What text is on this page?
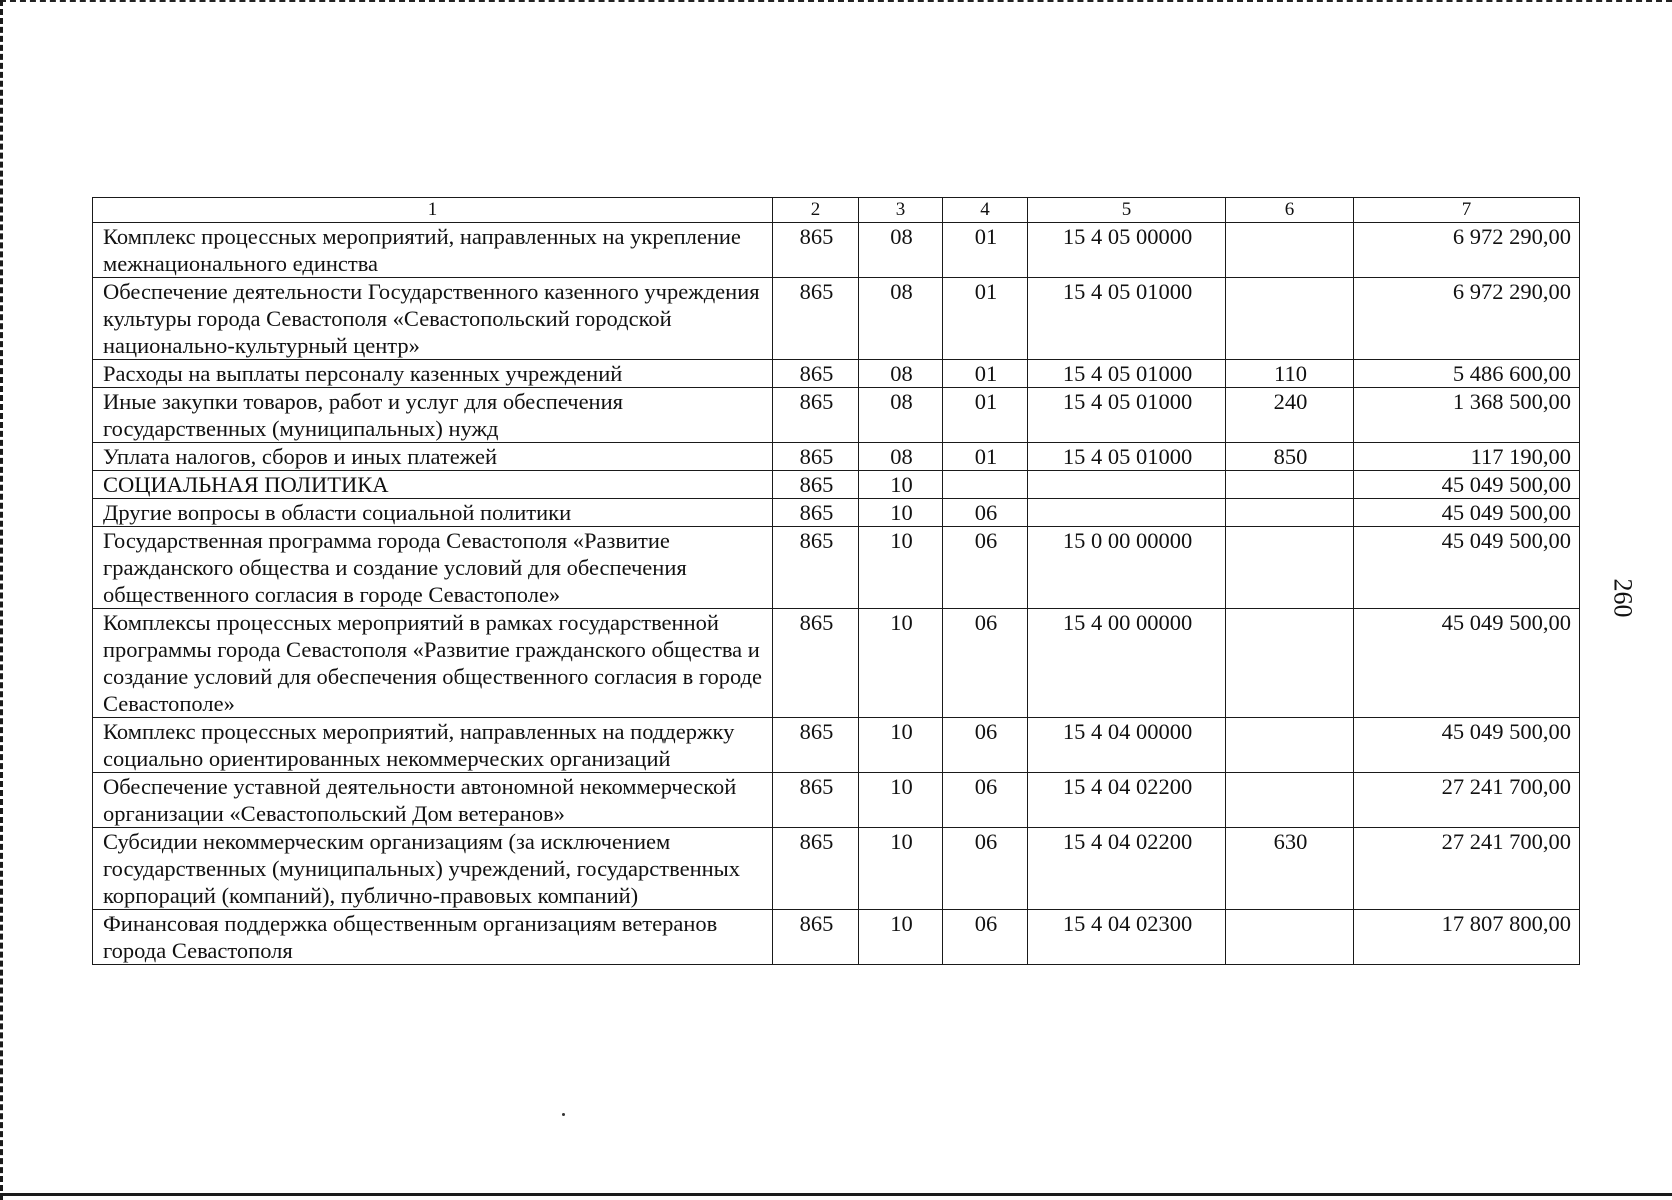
260
1	2	3	4	5	6	7
Комплекс процессных мероприятий, направленных на укрепление межнационального единства	865	08	01	15 4 05 00000		6 972 290,00
Обеспечение деятельности Государственного казенного учреждения культуры города Севастополя «Севастопольский городской национально-культурный центр»	865	08	01	15 4 05 01000		6 972 290,00
Расходы на выплаты персоналу казенных учреждений	865	08	01	15 4 05 01000	110	5 486 600,00
Иные закупки товаров, работ и услуг для обеспечения государственных (муниципальных) нужд	865	08	01	15 4 05 01000	240	1 368 500,00
Уплата налогов, сборов и иных платежей	865	08	01	15 4 05 01000	850	117 190,00
СОЦИАЛЬНАЯ ПОЛИТИКА	865	10				45 049 500,00
Другие вопросы в области социальной политики	865	10	06			45 049 500,00
Государственная программа города Севастополя «Развитие гражданского общества и создание условий для обеспечения общественного согласия в городе Севастополе»	865	10	06	15 0 00 00000		45 049 500,00
Комплексы процессных мероприятий в рамках государственной программы города Севастополя «Развитие гражданского общества и создание условий для обеспечения общественного согласия в городе Севастополе»	865	10	06	15 4 00 00000		45 049 500,00
Комплекс процессных мероприятий, направленных на поддержку социально ориентированных некоммерческих организаций	865	10	06	15 4 04 00000		45 049 500,00
Обеспечение уставной деятельности автономной некоммерческой организации «Севастопольский Дом ветеранов»	865	10	06	15 4 04 02200		27 241 700,00
Субсидии некоммерческим организациям (за исключением государственных (муниципальных) учреждений, государственных корпораций (компаний), публично-правовых компаний)	865	10	06	15 4 04 02200	630	27 241 700,00
Финансовая поддержка общественным организациям ветеранов города Севастополя	865	10	06	15 4 04 02300		17 807 800,00
